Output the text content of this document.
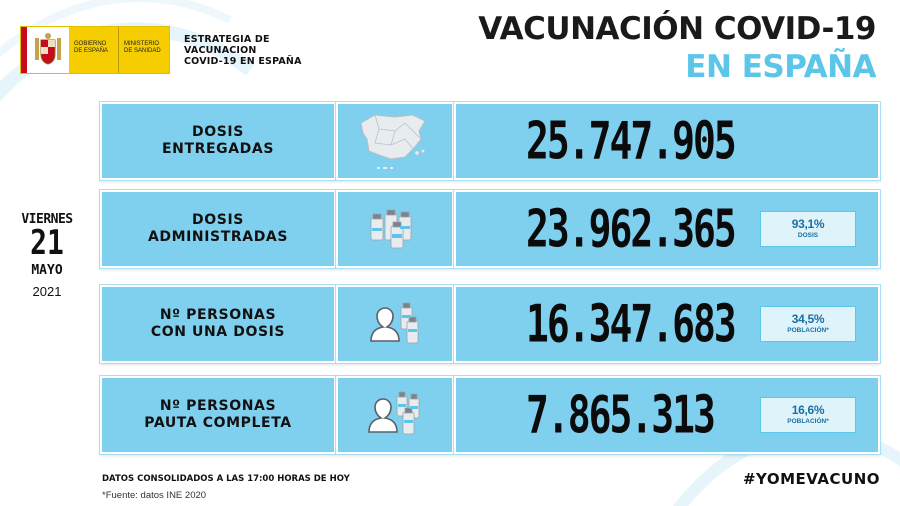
GOBIERNO DE ESPAÑA
MINISTERIO DE SANIDAD
ESTRATEGIA DE
VACUNACION
COVID-19 EN ESPAÑA
VACUNACIÓN COVID-19
EN ESPAÑA
VIERNES
21
MAYO
2021
DOSIS
ENTREGADAS	25.747.905
DOSIS
ADMINISTRADAS	23.962.365	93,1%
DOSIS
Nº PERSONAS
CON UNA DOSIS	16.347.683	34,5%
POBLACIÓN*
Nº PERSONAS
PAUTA COMPLETA	7.865.313	16,6%
POBLACIÓN*
DATOS CONSOLIDADOS A LAS 17:00 HORAS DE HOY
*Fuente: datos INE 2020
#YOMEVACUNO
